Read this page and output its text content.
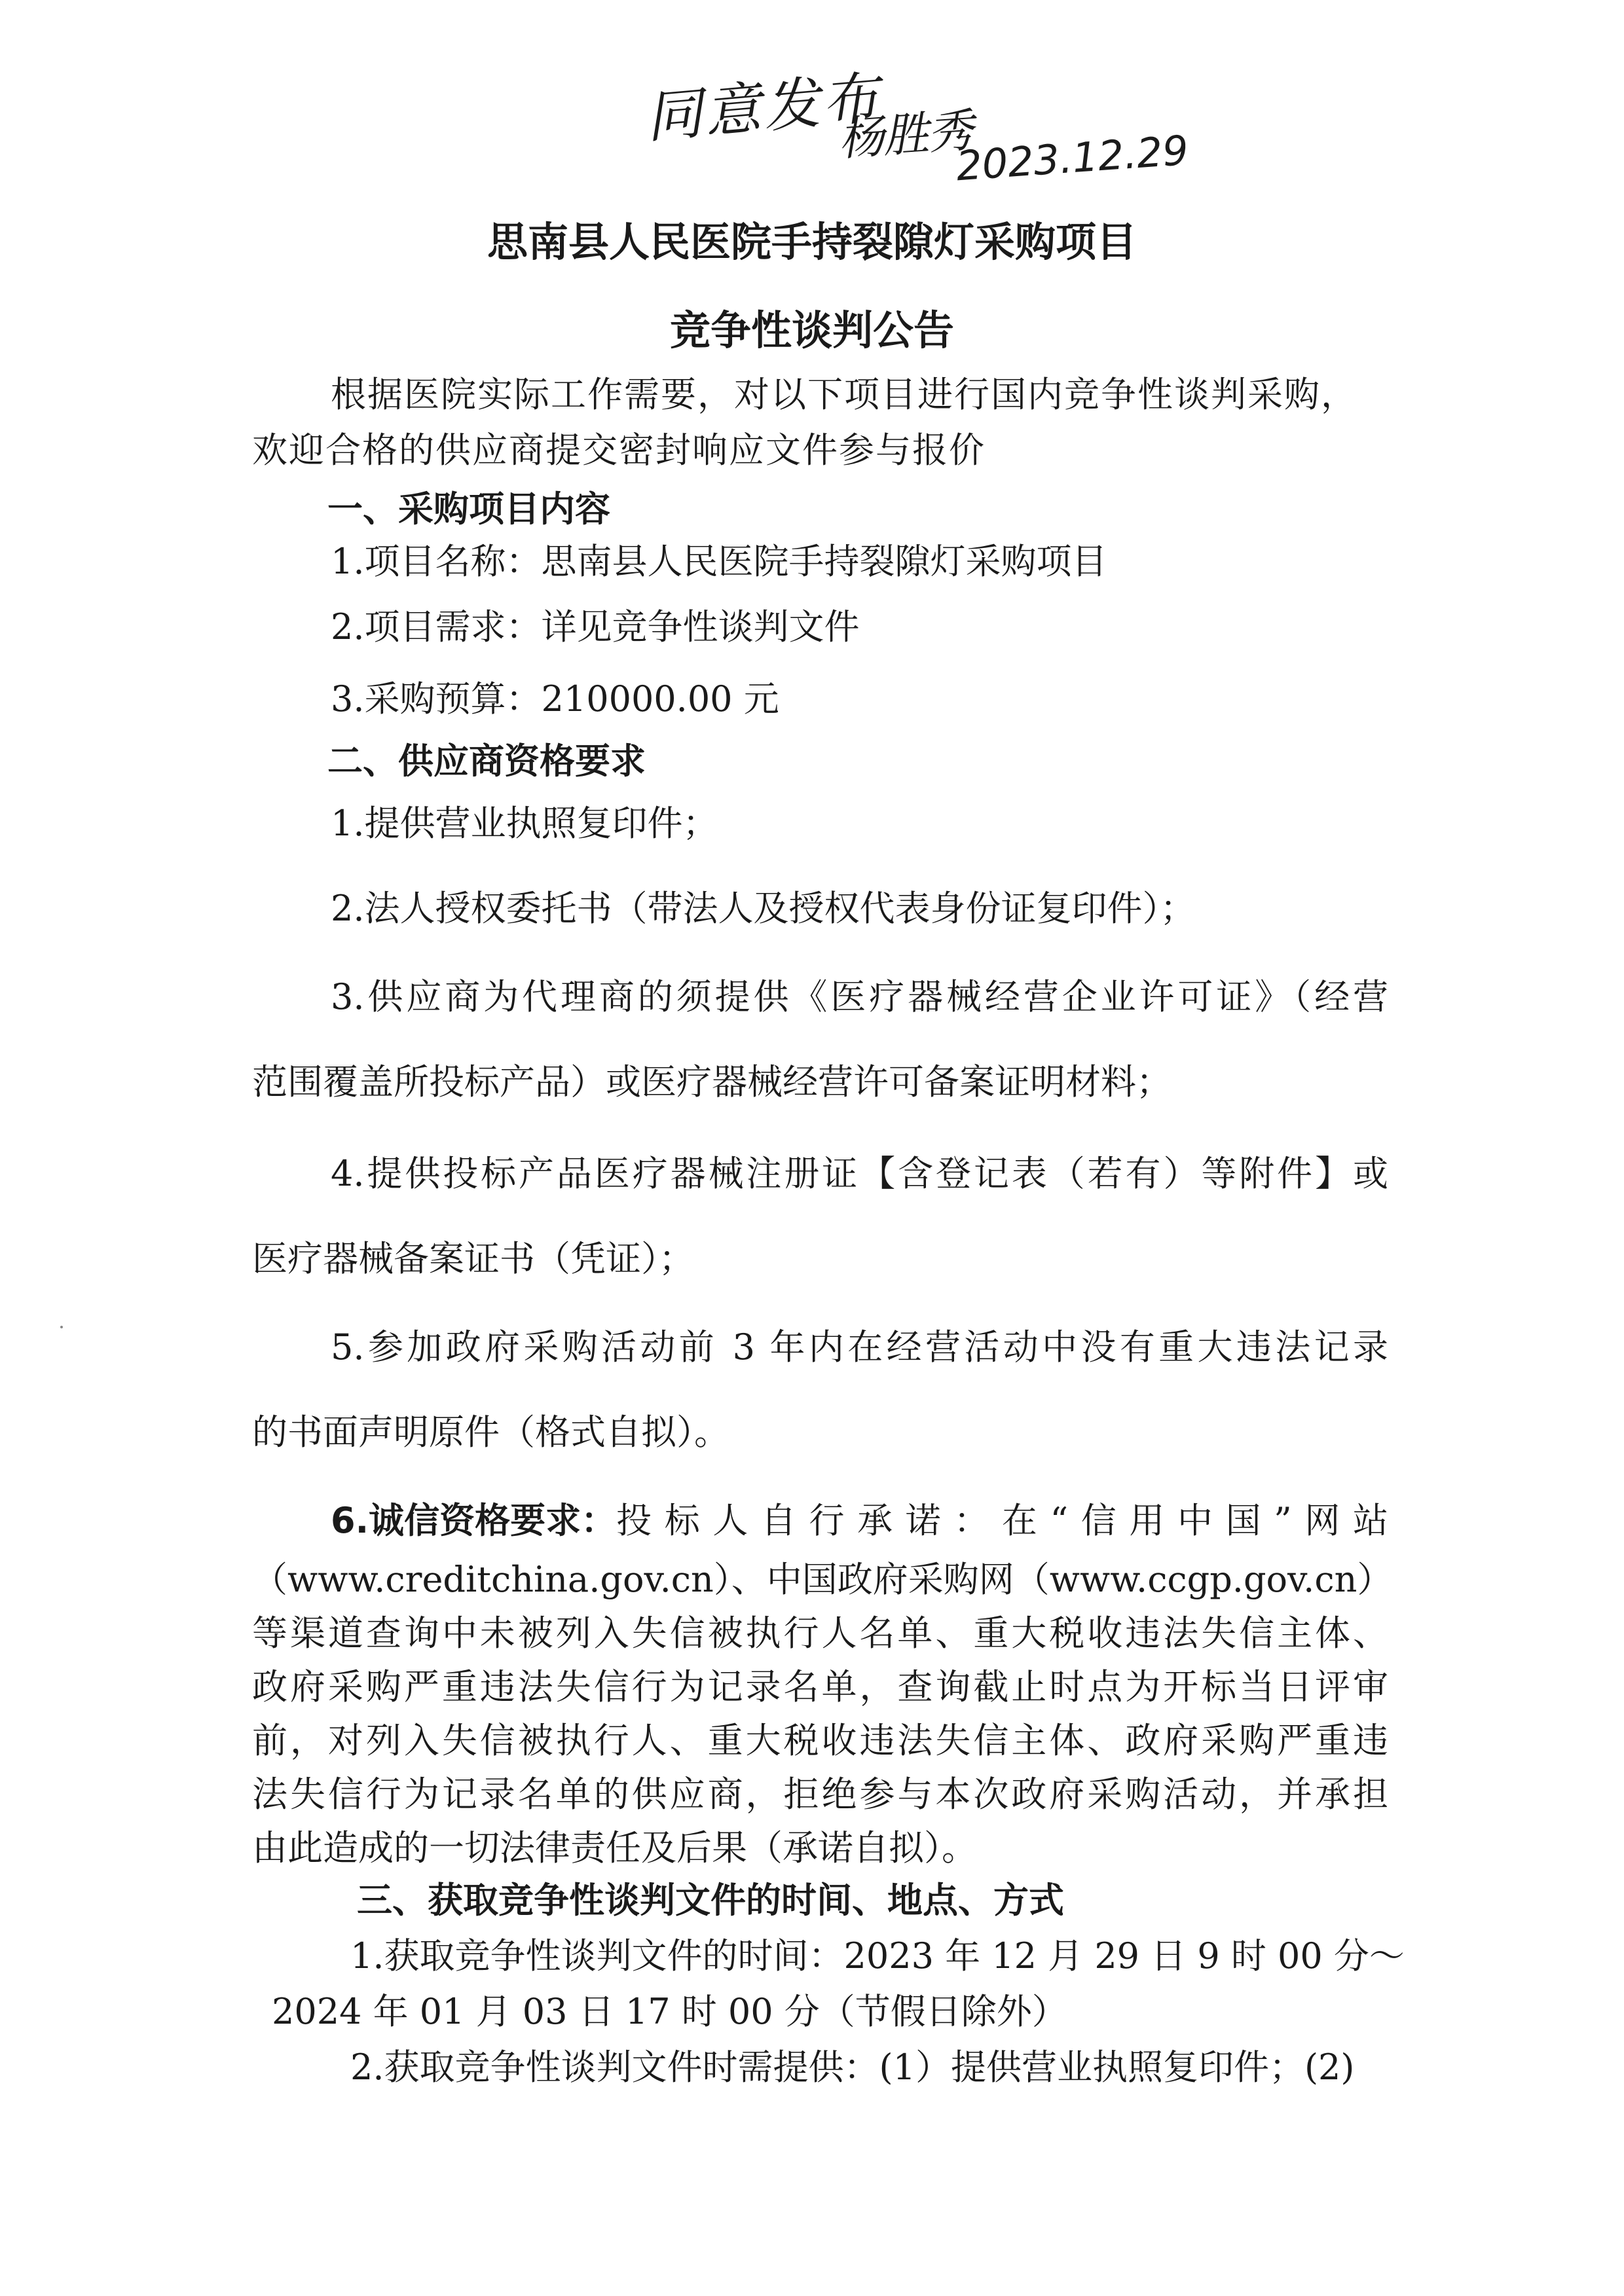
同意发布
杨胜秀
2023.12.29
思南县人民医院手持裂隙灯采购项目
竞争性谈判公告
根据医院实际工作需要，对以下项目进行国内竞争性谈判采购，
欢迎合格的供应商提交密封响应文件参与报价
一、采购项目内容
1.项目名称：思南县人民医院手持裂隙灯采购项目
2.项目需求：详见竞争性谈判文件
3.采购预算：210000.00 元
二、供应商资格要求
1.提供营业执照复印件；
2.法人授权委托书（带法人及授权代表身份证复印件）；
3.供应商为代理商的须提供《医疗器械经营企业许可证》（经营
范围覆盖所投标产品）或医疗器械经营许可备案证明材料；
4.提供投标产品医疗器械注册证【含登记表（若有）等附件】或
医疗器械备案证书（凭证）；
5.参加政府采购活动前 3 年内在经营活动中没有重大违法记录
的书面声明原件（格式自拟）。
6.诚信资格要求： 投标人自行承诺：在“信用中国”网站
（www.creditchina.gov.cn）、中国政府采购网（www.ccgp.gov.cn）
等渠道查询中未被列入失信被执行人名单、重大税收违法失信主体、
政府采购严重违法失信行为记录名单，查询截止时点为开标当日评审
前，对列入失信被执行人、重大税收违法失信主体、政府采购严重违
法失信行为记录名单的供应商，拒绝参与本次政府采购活动，并承担
由此造成的一切法律责任及后果（承诺自拟）。
三、获取竞争性谈判文件的时间、地点、方式
1.获取竞争性谈判文件的时间：2023 年 12 月 29 日 9 时 00 分～
2024 年 01 月 03 日 17 时 00 分（节假日除外）
2.获取竞争性谈判文件时需提供：(1）提供营业执照复印件；(2)
